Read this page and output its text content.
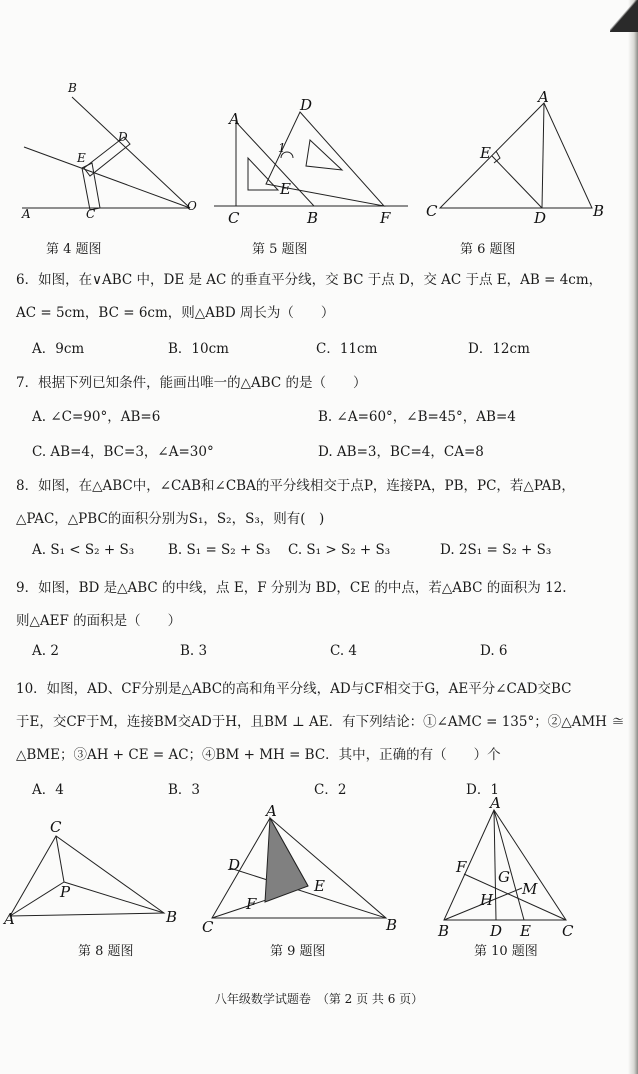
B
D
E
A	C
O
D
A
1
E
C	B	F
A
E
C	D	B
C
P
A	B
A
D
E
F
C	B
A
F
G
M
H
B	D E C
第 4 题图	第 5 题图	第 6 题图
6．如图，在∨ABC 中，DE 是 AC 的垂直平分线，交 BC 于点 D，交 AC 于点 E，AB = 4cm，
AC = 5cm，BC = 6cm，则△ABD 周长为（　　）
A．9cm	B．10cm	C．11cm	D．12cm
7．根据下列已知条件，能画出唯一的△ABC 的是（　　）
A. ∠C=90°，AB=6	B. ∠A=60°，∠B=45°，AB=4
C. AB=4，BC=3，∠A=30°	D. AB=3，BC=4，CA=8
8．如图，在△ABC中，∠CAB和∠CBA的平分线相交于点P，连接PA，PB，PC，若△PAB，
△PAC，△PBC的面积分别为S₁，S₂，S₃，则有(　)
A. S₁ < S₂ + S₃	B. S₁ = S₂ + S₃ C. S₁ > S₂ + S₃	D. 2S₁ = S₂ + S₃
9．如图，BD 是△ABC 的中线，点 E，F 分别为 BD，CE 的中点，若△ABC 的面积为 12.
则△AEF 的面积是（　　）
A. 2	B. 3	C. 4	D. 6
10．如图，AD、CF分别是△ABC的高和角平分线，AD与CF相交于G，AE平分∠CAD交BC
于E，交CF于M，连接BM交AD于H，且BM ⊥ AE．有下列结论：①∠AMC = 135°；②△AMH ≅
△BME；③AH + CE = AC；④BM + MH = BC．其中，正确的有（　　）个
A．4	B．3	C．2	D．1
第 8 题图	第 9 题图	第 10 题图
八年级数学试题卷　（第 2 页 共 6 页）
